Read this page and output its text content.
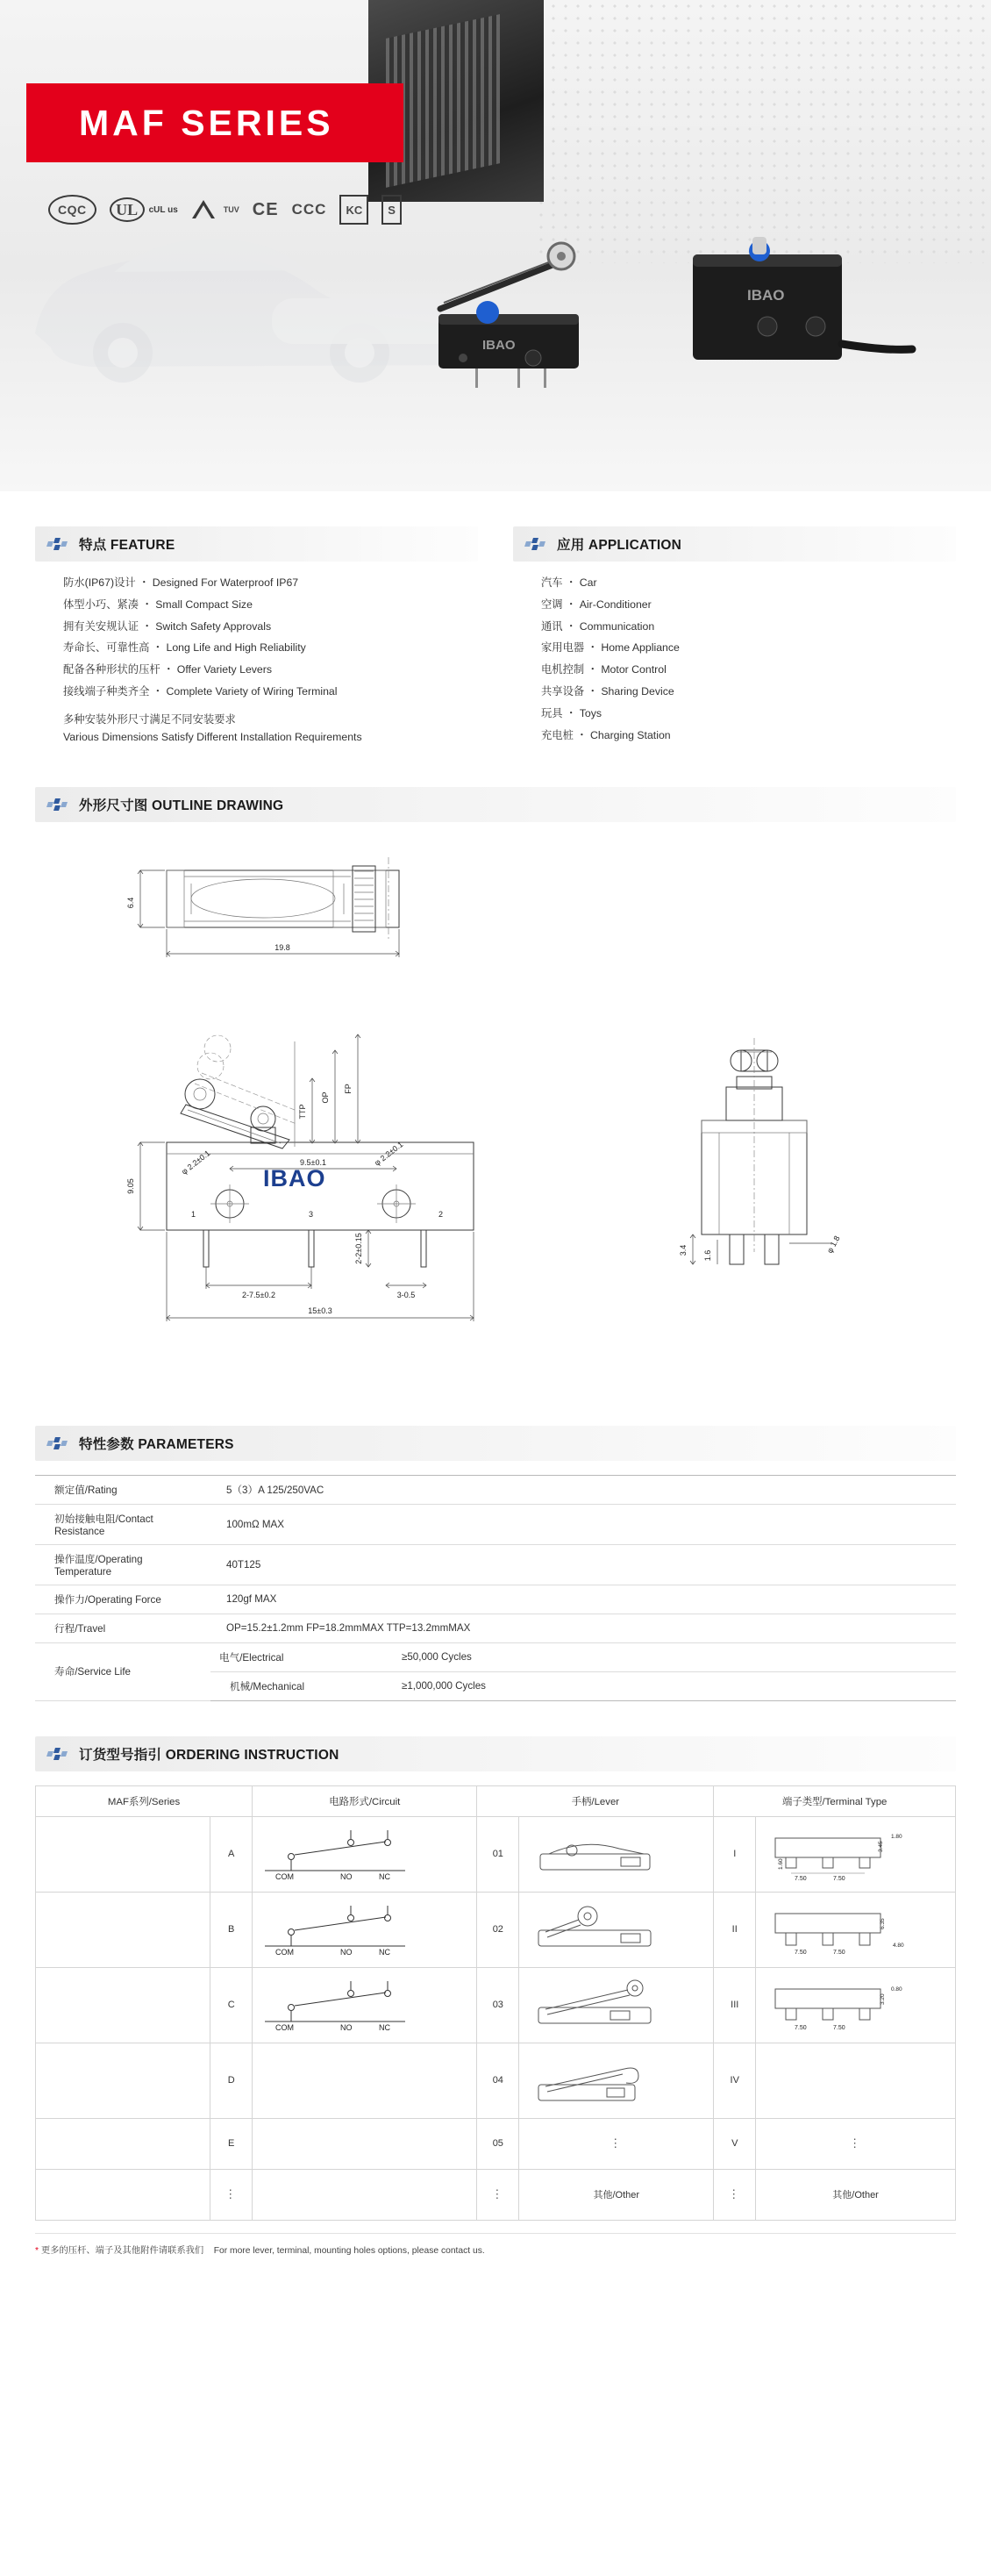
MAF SERIES
CQC UL cUL us	TUV CE CCC KC S
IBAO
IBAO
特点 FEATURE

防水(IP67)设计 ・ Designed For Waterproof IP67

体型小巧、紧凑 ・ Small Compact Size

拥有关安规认证 ・ Switch Safety Approvals

寿命长、可靠性高 ・ Long Life and High Reliability

配备各种形状的压杆 ・ Offer Variety Levers

接线端子种类齐全 ・ Complete Variety of Wiring Terminal

多种安装外形尺寸满足不同安装要求

Various Dimensions Satisfy Different Installation Requirements

应用 APPLICATION

汽车 ・ Car

空调 ・ Air-Conditioner

通讯 ・ Communication

家用电器 ・ Home Appliance

电机控制 ・ Motor Control

共享设备 ・ Sharing Device

玩具 ・ Toys

充电桩 ・ Charging Station

外形尺寸图 OUTLINE DRAWING
6.4
19.8
IBAO
φ 2.2±0.1	φ 2.2±0.1
1	3	2
FP
OP
TTP
9.05
9.5±0.1
2-2±0.15
2-7.5±0.2	3-0.5
15±0.3
3.4 1.6
φ 1.8
特性参数 PARAMETERS
额定值/Rating	5（3）A 125/250VAC	
初始接触电阻/Contact Resistance	100mΩ MAX	
操作温度/Operating Temperature	40T125	
操作力/Operating Force	120gf MAX	
行程/Travel	OP=15.2±1.2mm FP=18.2mmMAX TTP=13.2mmMAX	
寿命/Service Life	电气/Electrical	≥50,000 Cycles
	机械/Mechanical	≥1,000,000 Cycles
订货型号指引 ORDERING INSTRUCTION
MAF系列/Series		电路形式/Circuit	手柄/Lever		端子类型/Terminal Type	
	A	COM NO NC	01		I	7.50 7.50
3.45
1.80
1.60

	B	COM NO NC	02		II	7.50 7.50
6.35
4.80

	C	COM NO NC	03		III	7.50 7.50
3.20
0.80

	D		04		IV	
	E		05	⋮	V	⋮
	⋮		⋮	其他/Other	⋮	其他/Other
* 更多的压杆、端子及其他附件请联系我们 For more lever, terminal, mounting holes options, please contact us.
